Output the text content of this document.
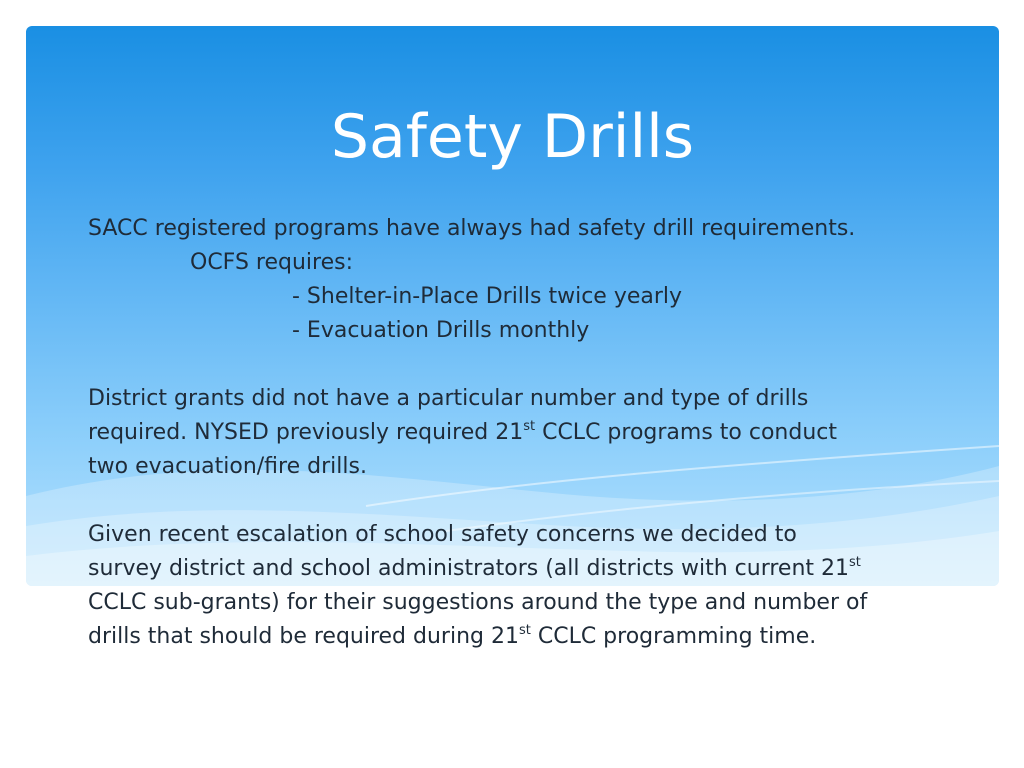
Safety Drills
SACC registered programs have always had safety drill requirements.
OCFS requires:
- Shelter-in-Place Drills twice yearly
- Evacuation Drills monthly
District grants did not have a particular number and type of drills
required. NYSED previously required 21st CCLC programs to conduct
two evacuation/fire drills.
Given recent escalation of school safety concerns we decided to
survey district and school administrators (all districts with current 21st
CCLC sub-grants) for their suggestions around the type and number of
drills that should be required during 21st CCLC programming time.
